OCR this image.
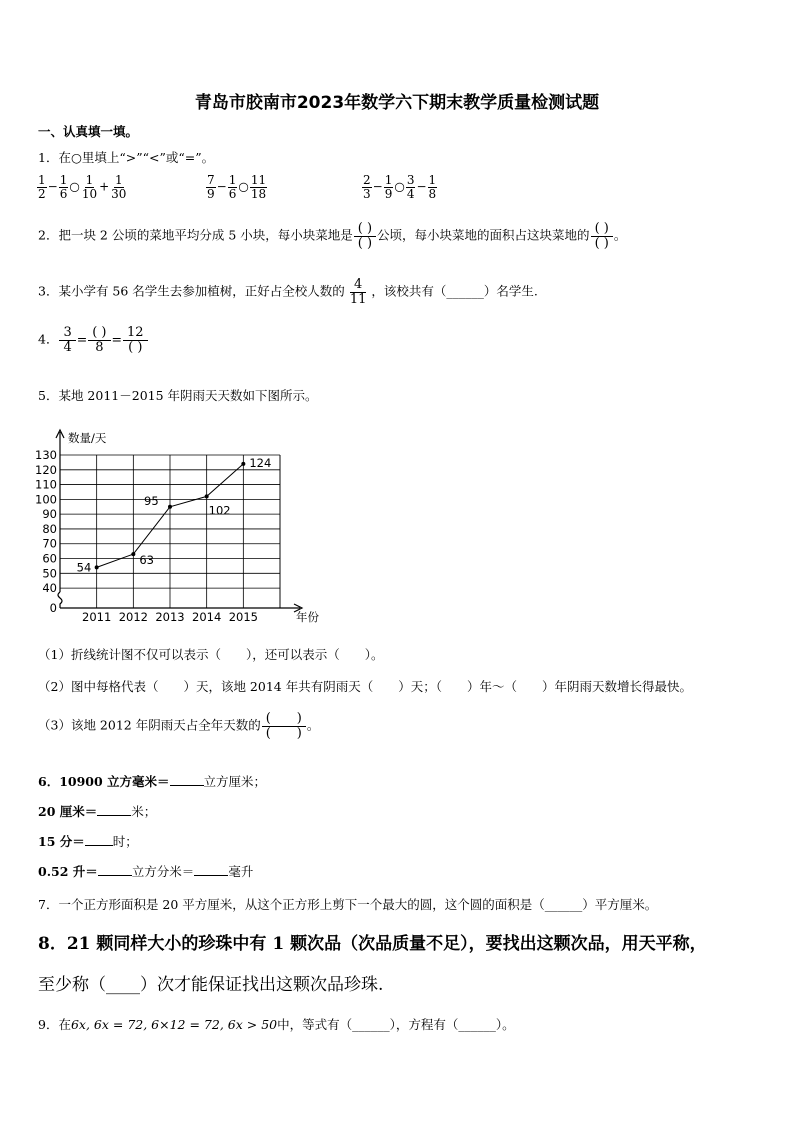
青岛市胶南市2023年数学六下期末教学质量检测试题
一、认真填一填。
1．在○里填上“>”“<”或“=”。
$\frac{1}{2} - \frac{1}{6}$ ○ $\frac{1}{10} + \frac{1}{30}$	$\frac{7}{9} - \frac{1}{6}$ ○ $\frac{11}{18}$	$\frac{2}{3} - \frac{1}{9}$ ○ $\frac{3}{4} - \frac{1}{8}$
2．把一块 2 公顷的菜地平均分成 5 小块，每小块菜地是 $\frac{( )}{( )}$ 公顷，每小块菜地的面积占这块菜地的 $\frac{( )}{( )}$ 。
3．某小学有 56 名学生去参加植树，正好占全校人数的 $\frac{4}{11}$ ，该校共有（______）名学生.
4． $\frac{3}{4} = \frac{( )}{8} = \frac{12}{( )}$
5．某地 2011－2015 年阴雨天天数如下图所示。
0
40
50
60
70
80
90
100
110
120
130
2011 2012 2013 2014 2015
54
63
95
124
102
数量/天
年份
（1）折线统计图不仅可以表示（　　），还可以表示（　　）。
（2）图中每格代表（　　）天，该地 2014 年共有阴雨天（　　）天；（　　）年～（　　）年阴雨天数增长得最快。
（3）该地 2012 年阴雨天占全年天数的 $\frac{( )}{( )}$ 。
6．10900 立方毫米＝	立方厘米；
20 厘米＝	米；
15 分＝ 时；
0.52 升＝	立方分米＝	毫升
7．一个正方形面积是 20 平方厘米，从这个正方形上剪下一个最大的圆，这个圆的面积是（______）平方厘米。
8．21 颗同样大小的珍珠中有 1 颗次品（次品质量不足），要找出这颗次品，用天平称，
至少称（____）次才能保证找出这颗次品珍珠.
9．在6x, 6x = 72, 6×12 = 72, 6x > 50中，等式有（______），方程有（______）。
